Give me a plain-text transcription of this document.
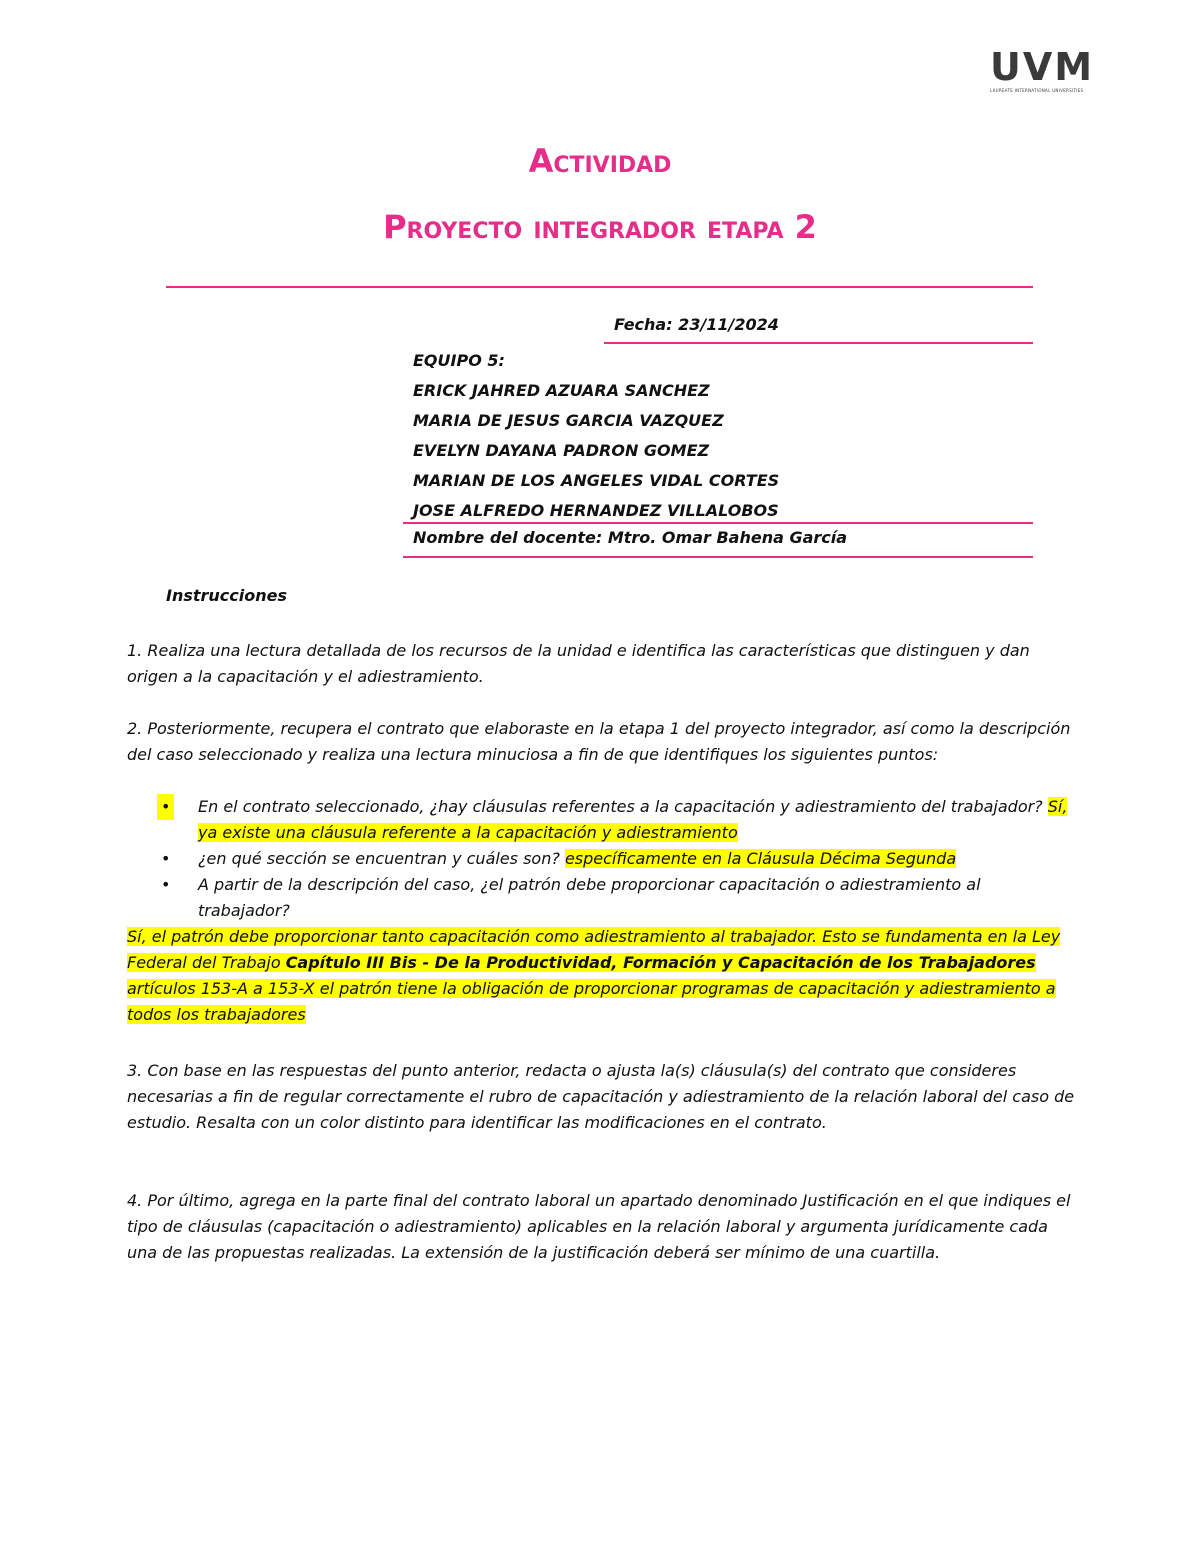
UVM
LAUREATE INTERNATIONAL UNIVERSITIES
Actividad
Proyecto integrador etapa 2
Fecha: 23/11/2024
EQUIPO 5:
ERICK JAHRED AZUARA SANCHEZ
MARIA DE JESUS GARCIA VAZQUEZ
EVELYN DAYANA PADRON GOMEZ
MARIAN DE LOS ANGELES VIDAL CORTES
JOSE ALFREDO HERNANDEZ VILLALOBOS
Nombre del docente: Mtro. Omar Bahena García
Instrucciones

1. Realiza una lectura detallada de los recursos de la unidad e identifica las características que distinguen y dan origen a la capacitación y el adiestramiento.

2. Posteriormente, recupera el contrato que elaboraste en la etapa 1 del proyecto integrador, así como la descripción del caso seleccionado y realiza una lectura minuciosa a fin de que identifiques los siguientes puntos:

• En el contrato seleccionado, ¿hay cláusulas referentes a la capacitación y adiestramiento del trabajador? Sí, ya existe una cláusula referente a la capacitación y adiestramiento
• ¿en qué sección se encuentran y cuáles son? específicamente en la Cláusula Décima Segunda
• A partir de la descripción del caso, ¿el patrón debe proporcionar capacitación o adiestramiento al trabajador?

Sí, el patrón debe proporcionar tanto capacitación como adiestramiento al trabajador. Esto se fundamenta en la Ley Federal del Trabajo Capítulo III Bis - De la Productividad, Formación y Capacitación de los Trabajadores artículos 153-A a 153-X el patrón tiene la obligación de proporcionar programas de capacitación y adiestramiento a todos los trabajadores

3. Con base en las respuestas del punto anterior, redacta o ajusta la(s) cláusula(s) del contrato que consideres necesarias a fin de regular correctamente el rubro de capacitación y adiestramiento de la relación laboral del caso de estudio. Resalta con un color distinto para identificar las modificaciones en el contrato.

4. Por último, agrega en la parte final del contrato laboral un apartado denominado Justificación en el que indiques el tipo de cláusulas (capacitación o adiestramiento) aplicables en la relación laboral y argumenta jurídicamente cada una de las propuestas realizadas. La extensión de la justificación deberá ser mínimo de una cuartilla.
